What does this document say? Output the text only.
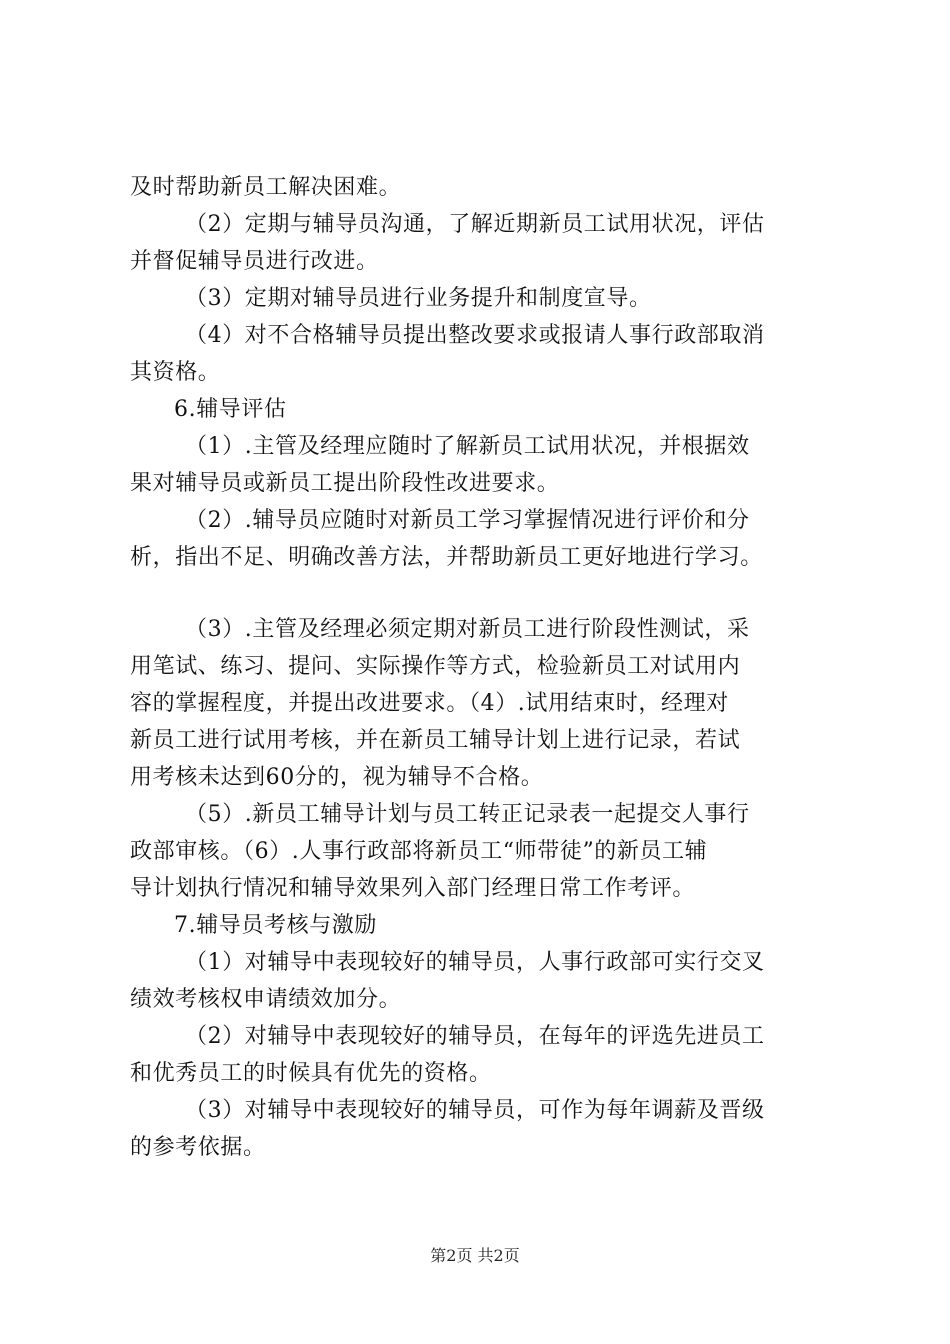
及时帮助新员工解决困难。
（2）定期与辅导员沟通，了解近期新员工试用状况，评估
并督促辅导员进行改进。
（3）定期对辅导员进行业务提升和制度宣导。
（4）对不合格辅导员提出整改要求或报请人事行政部取消
其资格。
6.辅导评估
（1）.主管及经理应随时了解新员工试用状况，并根据效
果对辅导员或新员工提出阶段性改进要求。
（2）.辅导员应随时对新员工学习掌握情况进行评价和分
析，指出不足、明确改善方法，并帮助新员工更好地进行学习。
（3）.主管及经理必须定期对新员工进行阶段性测试，采
用笔试、练习、提问、实际操作等方式，检验新员工对试用内
容的掌握程度，并提出改进要求。（4）.试用结束时，经理对
新员工进行试用考核，并在新员工辅导计划上进行记录，若试
用考核未达到60分的，视为辅导不合格。
（5）.新员工辅导计划与员工转正记录表一起提交人事行
政部审核。（6）.人事行政部将新员工“师带徒”的新员工辅
导计划执行情况和辅导效果列入部门经理日常工作考评。
7.辅导员考核与激励
（1）对辅导中表现较好的辅导员，人事行政部可实行交叉
绩效考核权申请绩效加分。
（2）对辅导中表现较好的辅导员，在每年的评选先进员工
和优秀员工的时候具有优先的资格。
（3）对辅导中表现较好的辅导员，可作为每年调薪及晋级
的参考依据。
第2页 共2页
